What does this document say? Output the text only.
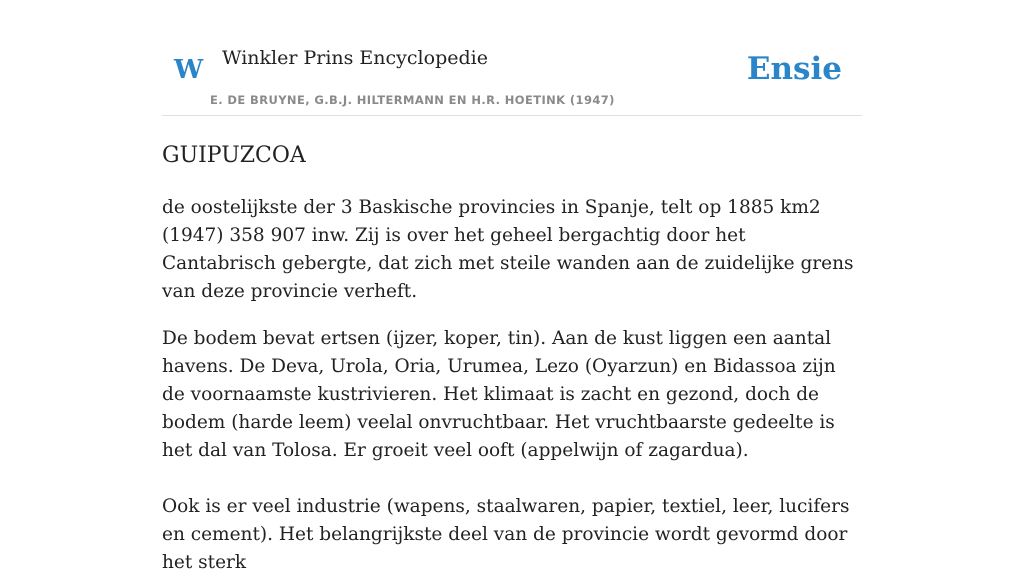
W Winkler Prins Encyclopedie
E. DE BRUYNE, G.B.J. HILTERMANN EN H.R. HOETINK (1947)
Ensie
GUIPUZCOA

de oostelijkste der 3 Baskische provincies in Spanje, telt op 1885 km2 (1947) 358 907 inw. Zij is over het geheel bergachtig door het Cantabrisch gebergte, dat zich met steile wanden aan de zuidelijke grens van deze provincie verheft.

De bodem bevat ertsen (ijzer, koper, tin). Aan de kust liggen een aantal havens. De Deva, Urola, Oria, Urumea, Lezo (Oyarzun) en Bidassoa zijn de voornaamste kustrivieren. Het klimaat is zacht en gezond, doch de bodem (harde leem) veelal onvruchtbaar. Het vruchtbaarste gedeelte is het dal van Tolosa. Er groeit veel ooft (appelwijn of zagardua).

Ook is er veel industrie (wapens, staalwaren, papier, textiel, leer, lucifers en cement). Het belangrijkste deel van de provincie wordt gevormd door het sterk
